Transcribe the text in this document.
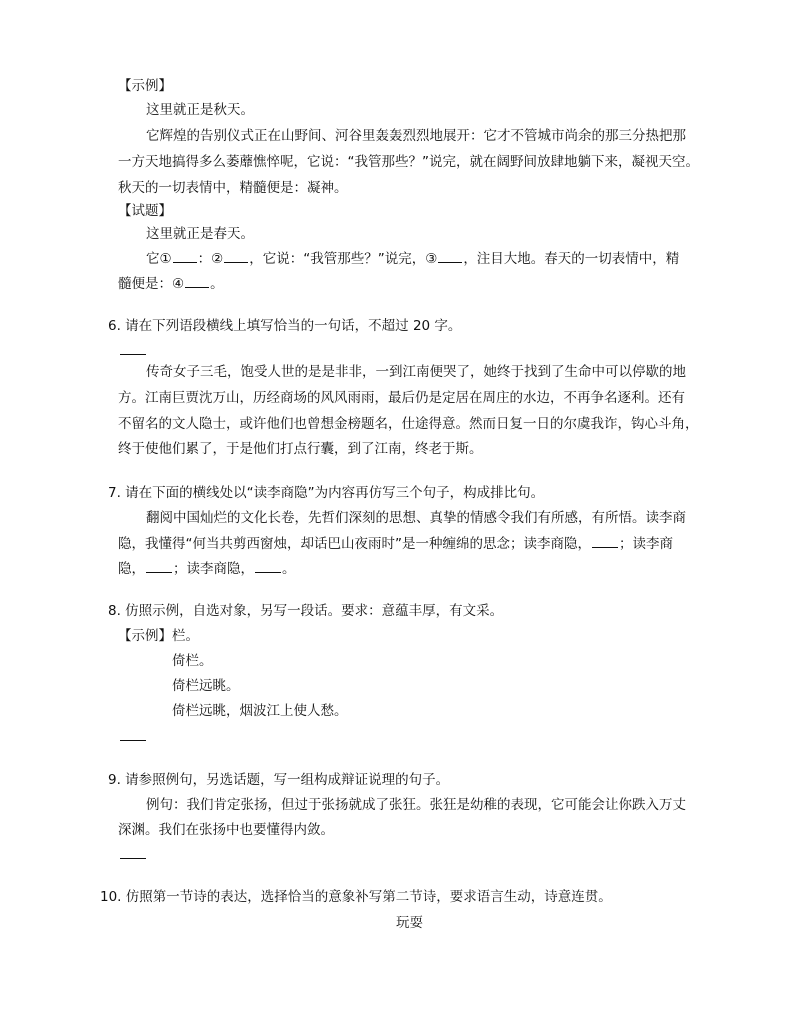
【示例】
这里就正是秋天。
它辉煌的告别仪式正在山野间、河谷里轰轰烈烈地展开：它才不管城市尚余的那三分热把那
一方天地搞得多么萎蘼憔悴呢，它说：“我管那些？”说完，就在阔野间放肆地躺下来，凝视天空。
秋天的一切表情中，精髓便是：凝神。
【试题】
这里就正是春天。
它① ：② ，它说：“我管那些？”说完，③ ，注目大地。春天的一切表情中，精
髓便是：④ 。
6. 请在下列语段横线上填写恰当的一句话，不超过 20 字。
传奇女子三毛，饱受人世的是是非非，一到江南便哭了，她终于找到了生命中可以停歇的地
方。江南巨贾沈万山，历经商场的风风雨雨，最后仍是定居在周庄的水边，不再争名逐利。还有
不留名的文人隐士，或许他们也曾想金榜题名，仕途得意。然而日复一日的尔虞我诈，钩心斗角，
终于使他们累了，于是他们打点行囊，到了江南，终老于斯。
7. 请在下面的横线处以“读李商隐”为内容再仿写三个句子，构成排比句。
翻阅中国灿烂的文化长卷，先哲们深刻的思想、真挚的情感令我们有所感，有所悟。读李商
隐，我懂得“何当共剪西窗烛，却话巴山夜雨时”是一种缠绵的思念；读李商隐， ；读李商
隐， ；读李商隐， 。
8. 仿照示例，自选对象，另写一段话。要求：意蕴丰厚，有文采。
【示例】栏。
倚栏。
倚栏远眺。
倚栏远眺，烟波江上使人愁。
9. 请参照例句，另选话题，写一组构成辩证说理的句子。
例句：我们肯定张扬，但过于张扬就成了张狂。张狂是幼稚的表现，它可能会让你跌入万丈
深渊。我们在张扬中也要懂得内敛。
10. 仿照第一节诗的表达，选择恰当的意象补写第二节诗，要求语言生动，诗意连贯。
玩耍
